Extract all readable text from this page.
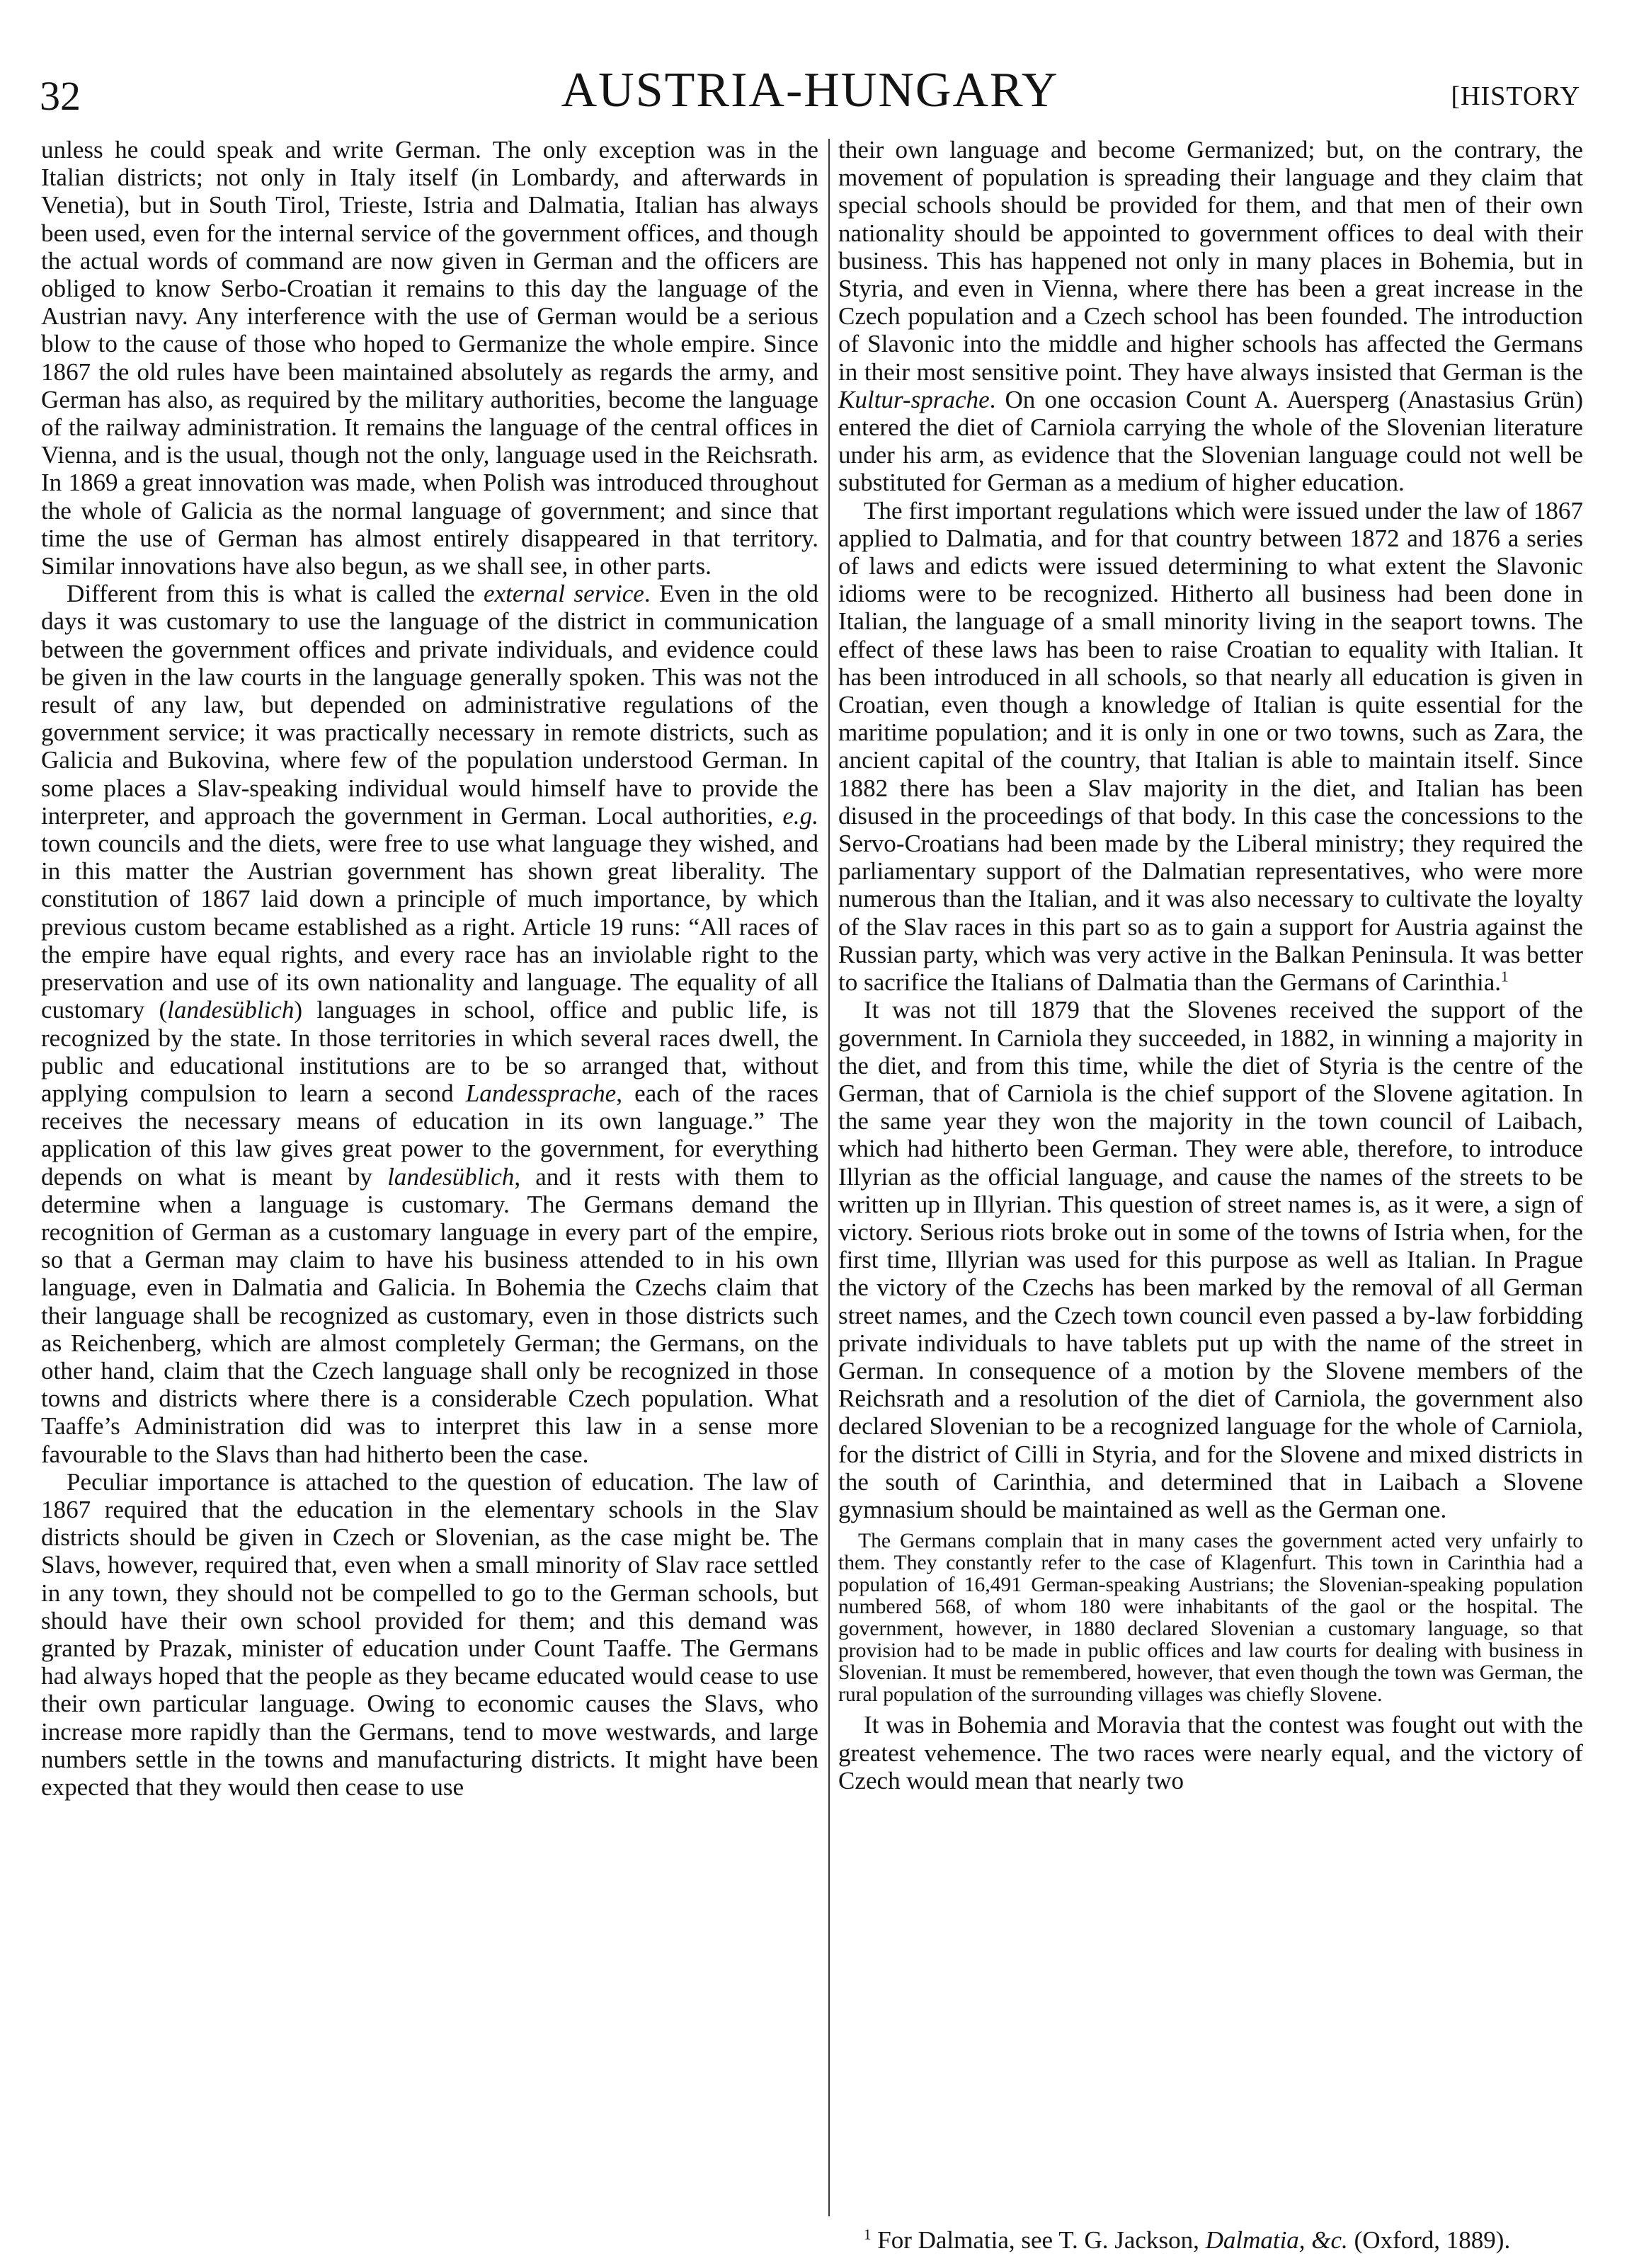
32	AUSTRIA-HUNGARY	[HISTORY

unless he could speak and write German. The only exception was in the Italian districts; not only in Italy itself (in Lombardy, and afterwards in Venetia), but in South Tirol, Trieste, Istria and Dalmatia, Italian has always been used, even for the internal service of the government offices, and though the actual words of command are now given in German and the officers are obliged to know Serbo-Croatian it remains to this day the language of the Austrian navy. Any interference with the use of German would be a serious blow to the cause of those who hoped to Germanize the whole empire. Since 1867 the old rules have been maintained absolutely as regards the army, and German has also, as required by the military authorities, become the language of the railway administration. It remains the language of the central offices in Vienna, and is the usual, though not the only, language used in the Reichsrath. In 1869 a great innovation was made, when Polish was introduced throughout the whole of Galicia as the normal language of government; and since that time the use of German has almost entirely disappeared in that territory. Similar innovations have also begun, as we shall see, in other parts.

Different from this is what is called the external service. Even in the old days it was customary to use the language of the district in communication between the government offices and private individuals, and evidence could be given in the law courts in the language generally spoken. This was not the result of any law, but depended on administrative regulations of the government service; it was practically necessary in remote districts, such as Galicia and Bukovina, where few of the population understood German. In some places a Slav-speaking individual would himself have to provide the interpreter, and approach the government in German. Local authorities, e.g. town councils and the diets, were free to use what language they wished, and in this matter the Austrian government has shown great liberality. The constitution of 1867 laid down a principle of much importance, by which previous custom became established as a right. Article 19 runs: “All races of the empire have equal rights, and every race has an inviolable right to the preservation and use of its own nationality and language. The equality of all customary (landesüblich) languages in school, office and public life, is recognized by the state. In those territories in which several races dwell, the public and educational institutions are to be so arranged that, without applying compulsion to learn a second Landessprache, each of the races receives the necessary means of education in its own language.” The application of this law gives great power to the government, for everything depends on what is meant by landesüblich, and it rests with them to determine when a language is customary. The Germans demand the recognition of German as a customary language in every part of the empire, so that a German may claim to have his business attended to in his own language, even in Dalmatia and Galicia. In Bohemia the Czechs claim that their language shall be recognized as customary, even in those districts such as Reichenberg, which are almost completely German; the Germans, on the other hand, claim that the Czech language shall only be recognized in those towns and districts where there is a considerable Czech population. What Taaffe’s Administration did was to interpret this law in a sense more favourable to the Slavs than had hitherto been the case.

Peculiar importance is attached to the question of education. The law of 1867 required that the education in the elementary schools in the Slav districts should be given in Czech or Slovenian, as the case might be. The Slavs, however, required that, even when a small minority of Slav race settled in any town, they should not be compelled to go to the German schools, but should have their own school provided for them; and this demand was granted by Prazak, minister of education under Count Taaffe. The Germans had always hoped that the people as they became educated would cease to use their own particular language. Owing to economic causes the Slavs, who increase more rapidly than the Germans, tend to move westwards, and large numbers settle in the towns and manufacturing districts. It might have been expected that they would then cease to use

their own language and become Germanized; but, on the contrary, the movement of population is spreading their language and they claim that special schools should be provided for them, and that men of their own nationality should be appointed to government offices to deal with their business. This has happened not only in many places in Bohemia, but in Styria, and even in Vienna, where there has been a great increase in the Czech population and a Czech school has been founded. The introduction of Slavonic into the middle and higher schools has affected the Germans in their most sensitive point. They have always insisted that German is the Kultur-sprache. On one occasion Count A. Auersperg (Anastasius Grün) entered the diet of Carniola carrying the whole of the Slovenian literature under his arm, as evidence that the Slovenian language could not well be substituted for German as a medium of higher education.

The first important regulations which were issued under the law of 1867 applied to Dalmatia, and for that country between 1872 and 1876 a series of laws and edicts were issued determining to what extent the Slavonic idioms were to be recognized. Hitherto all business had been done in Italian, the language of a small minority living in the seaport towns. The effect of these laws has been to raise Croatian to equality with Italian. It has been introduced in all schools, so that nearly all education is given in Croatian, even though a knowledge of Italian is quite essential for the maritime population; and it is only in one or two towns, such as Zara, the ancient capital of the country, that Italian is able to maintain itself. Since 1882 there has been a Slav majority in the diet, and Italian has been disused in the proceedings of that body. In this case the concessions to the Servo-Croatians had been made by the Liberal ministry; they required the parliamentary support of the Dalmatian representatives, who were more numerous than the Italian, and it was also necessary to cultivate the loyalty of the Slav races in this part so as to gain a support for Austria against the Russian party, which was very active in the Balkan Peninsula. It was better to sacrifice the Italians of Dalmatia than the Germans of Carinthia.$^1$

It was not till 1879 that the Slovenes received the support of the government. In Carniola they succeeded, in 1882, in winning a majority in the diet, and from this time, while the diet of Styria is the centre of the German, that of Carniola is the chief support of the Slovene agitation. In the same year they won the majority in the town council of Laibach, which had hitherto been German. They were able, therefore, to introduce Illyrian as the official language, and cause the names of the streets to be written up in Illyrian. This question of street names is, as it were, a sign of victory. Serious riots broke out in some of the towns of Istria when, for the first time, Illyrian was used for this purpose as well as Italian. In Prague the victory of the Czechs has been marked by the removal of all German street names, and the Czech town council even passed a by-law forbidding private individuals to have tablets put up with the name of the street in German. In consequence of a motion by the Slovene members of the Reichsrath and a resolution of the diet of Carniola, the government also declared Slovenian to be a recognized language for the whole of Carniola, for the district of Cilli in Styria, and for the Slovene and mixed districts in the south of Carinthia, and determined that in Laibach a Slovene gymnasium should be maintained as well as the German one.

The Germans complain that in many cases the government acted very unfairly to them. They constantly refer to the case of Klagenfurt. This town in Carinthia had a population of 16,491 German-speaking Austrians; the Slovenian-speaking population numbered 568, of whom 180 were inhabitants of the gaol or the hospital. The government, however, in 1880 declared Slovenian a customary language, so that provision had to be made in public offices and law courts for dealing with business in Slovenian. It must be remembered, however, that even though the town was German, the rural population of the surrounding villages was chiefly Slovene.

It was in Bohemia and Moravia that the contest was fought out with the greatest vehemence. The two races were nearly equal, and the victory of Czech would mean that nearly two

$^1$ For Dalmatia, see T. G. Jackson, Dalmatia, &c. (Oxford, 1889).
